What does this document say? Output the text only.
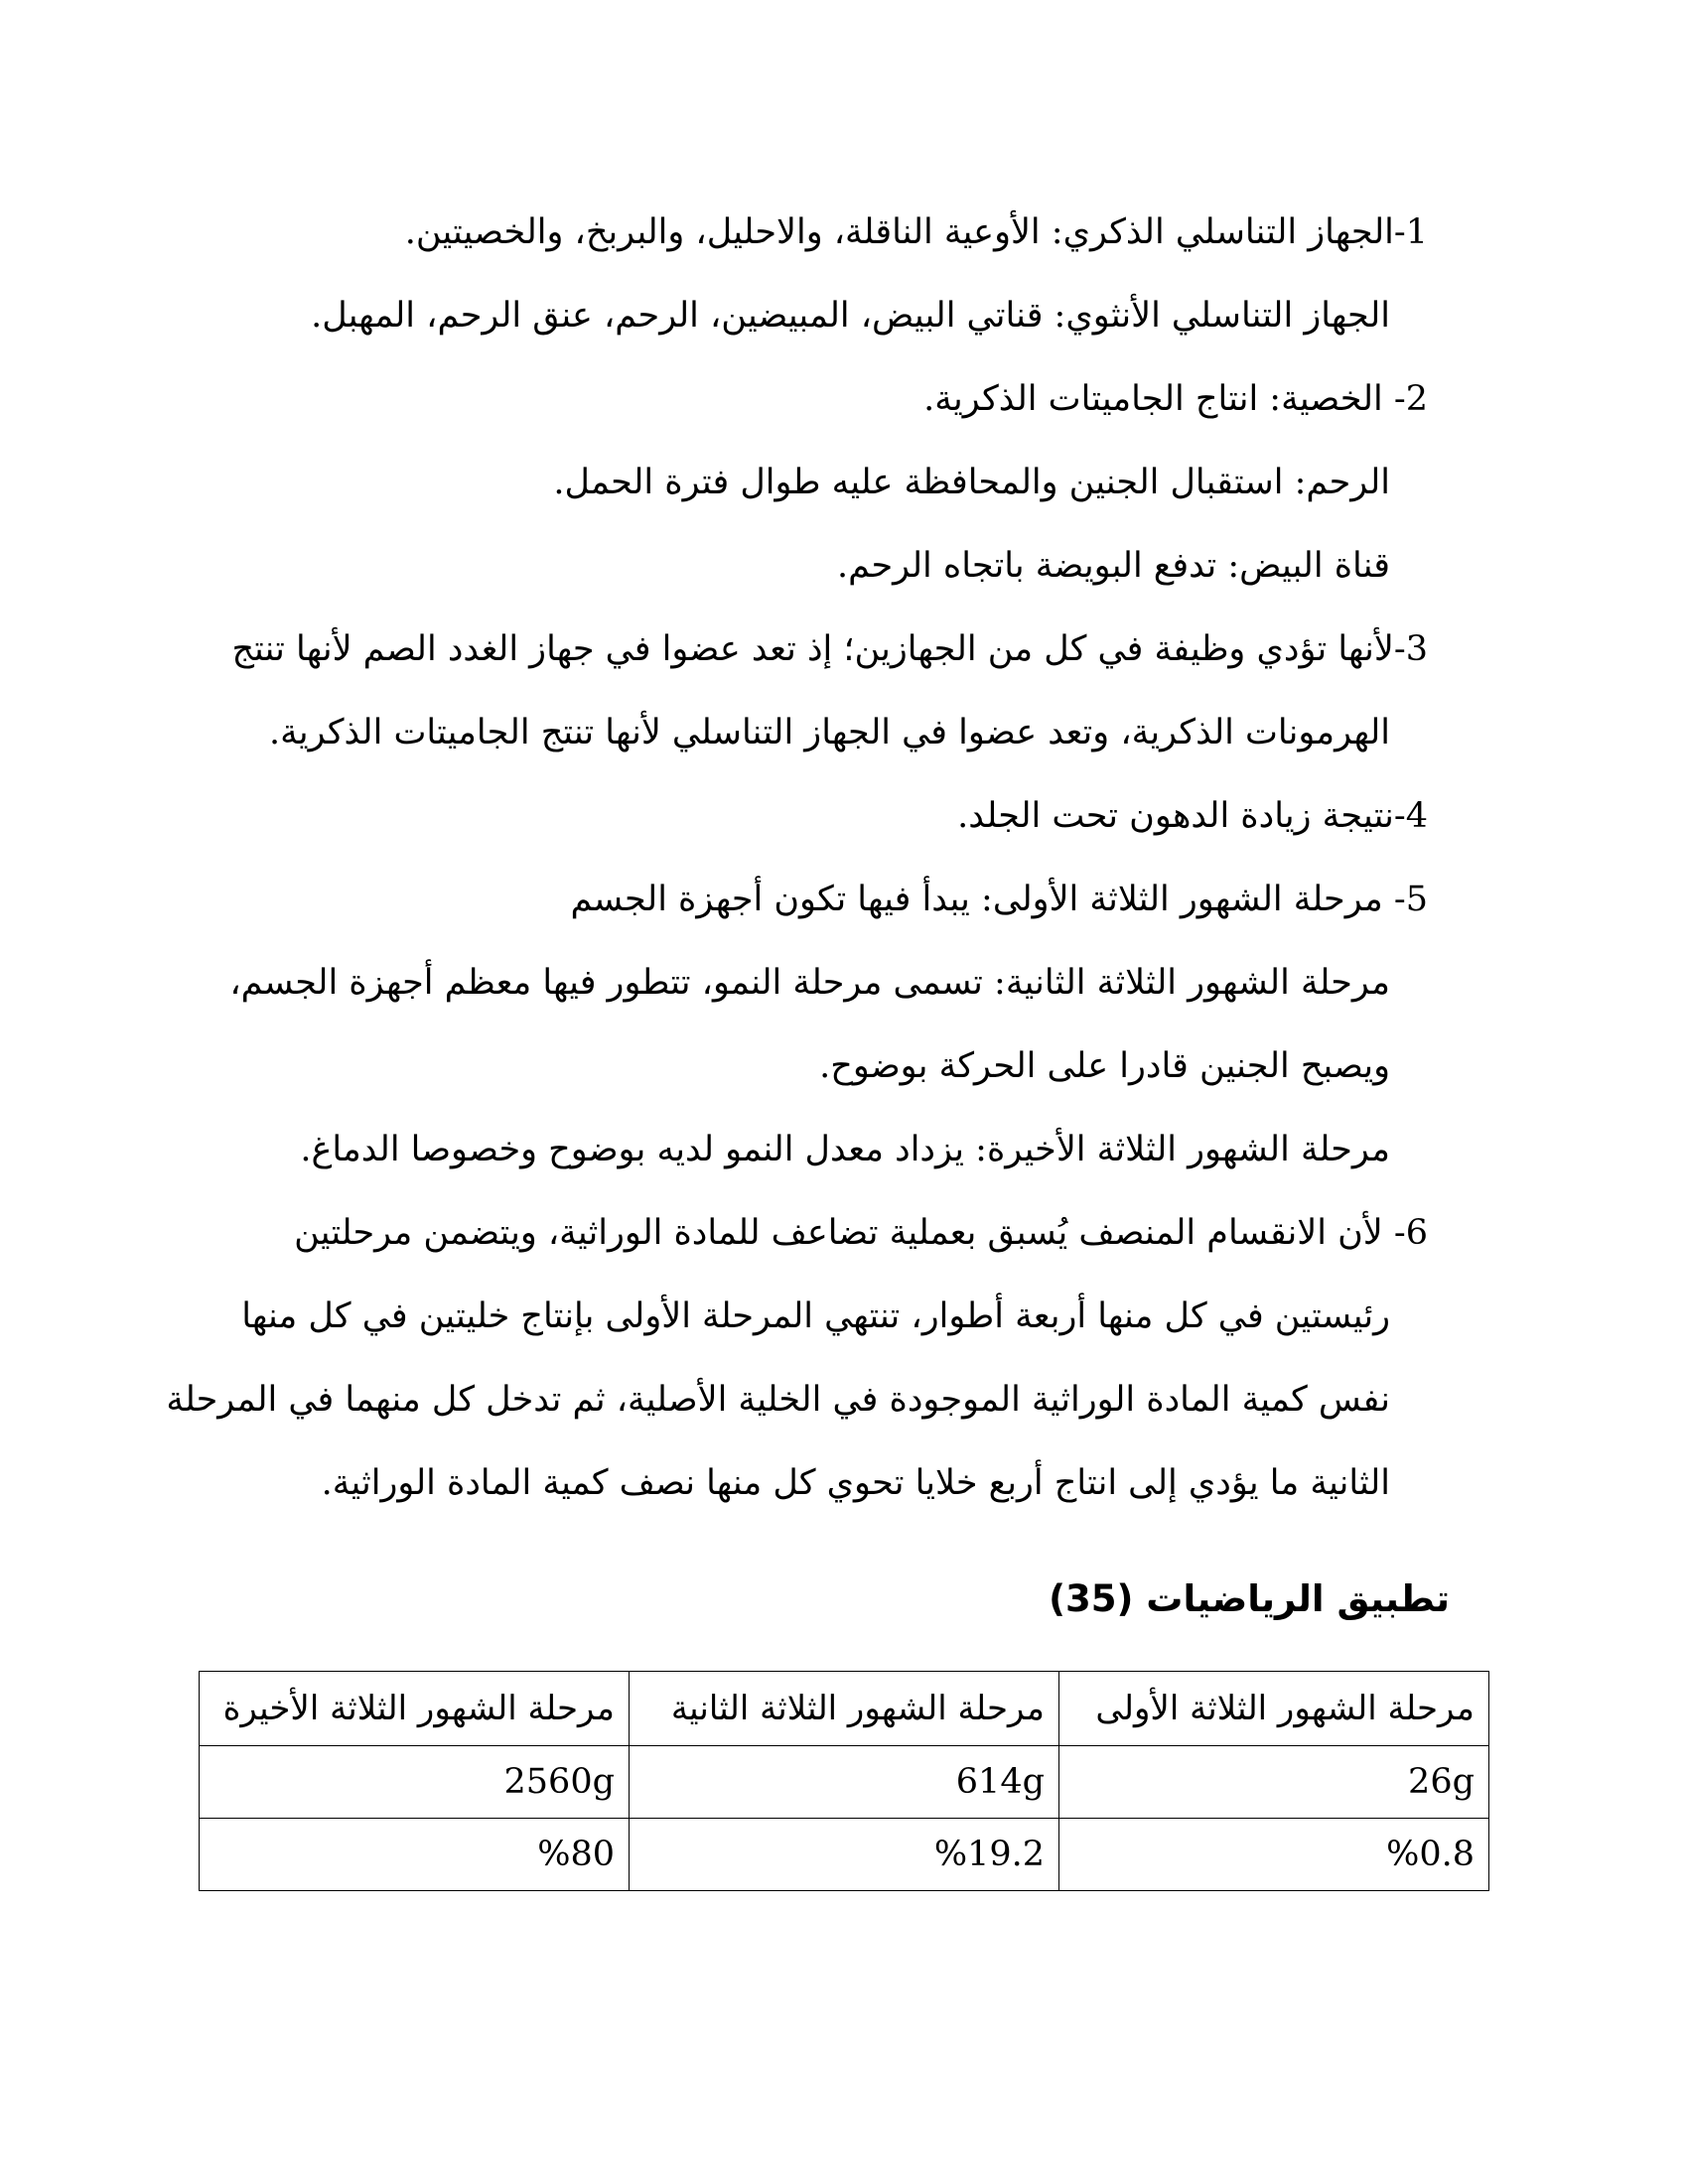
1-الجهاز التناسلي الذكري: الأوعية الناقلة، والاحليل، والبربخ، والخصيتين.
الجهاز التناسلي الأنثوي: قناتي البيض، المبيضين، الرحم، عنق الرحم، المهبل.
2- الخصية: انتاج الجاميتات الذكرية.
الرحم: استقبال الجنين والمحافظة عليه طوال فترة الحمل.
قناة البيض: تدفع البويضة باتجاه الرحم.
3-لأنها تؤدي وظيفة في كل من الجهازين؛ إذ تعد عضوا في جهاز الغدد الصم لأنها تنتج
الهرمونات الذكرية، وتعد عضوا في الجهاز التناسلي لأنها تنتج الجاميتات الذكرية.
4-نتيجة زيادة الدهون تحت الجلد.
5- مرحلة الشهور الثلاثة الأولى: يبدأ فيها تكون أجهزة الجسم
مرحلة الشهور الثلاثة الثانية: تسمى مرحلة النمو، تتطور فيها معظم أجهزة الجسم،
ويصبح الجنين قادرا على الحركة بوضوح.
مرحلة الشهور الثلاثة الأخيرة: يزداد معدل النمو لديه بوضوح وخصوصا الدماغ.
6- لأن الانقسام المنصف يُسبق بعملية تضاعف للمادة الوراثية، ويتضمن مرحلتين
رئيستين في كل منها أربعة أطوار، تنتهي المرحلة الأولى بإنتاج خليتين في كل منها
نفس كمية المادة الوراثية الموجودة في الخلية الأصلية، ثم تدخل كل منهما في المرحلة
الثانية ما يؤدي إلى انتاج أربع خلايا تحوي كل منها نصف كمية المادة الوراثية.
تطبيق الرياضيات (35)
مرحلة الشهور الثلاثة الأولى	مرحلة الشهور الثلاثة الثانية	مرحلة الشهور الثلاثة الأخيرة
26g	614g	2560g
%0.8	%19.2	%80
